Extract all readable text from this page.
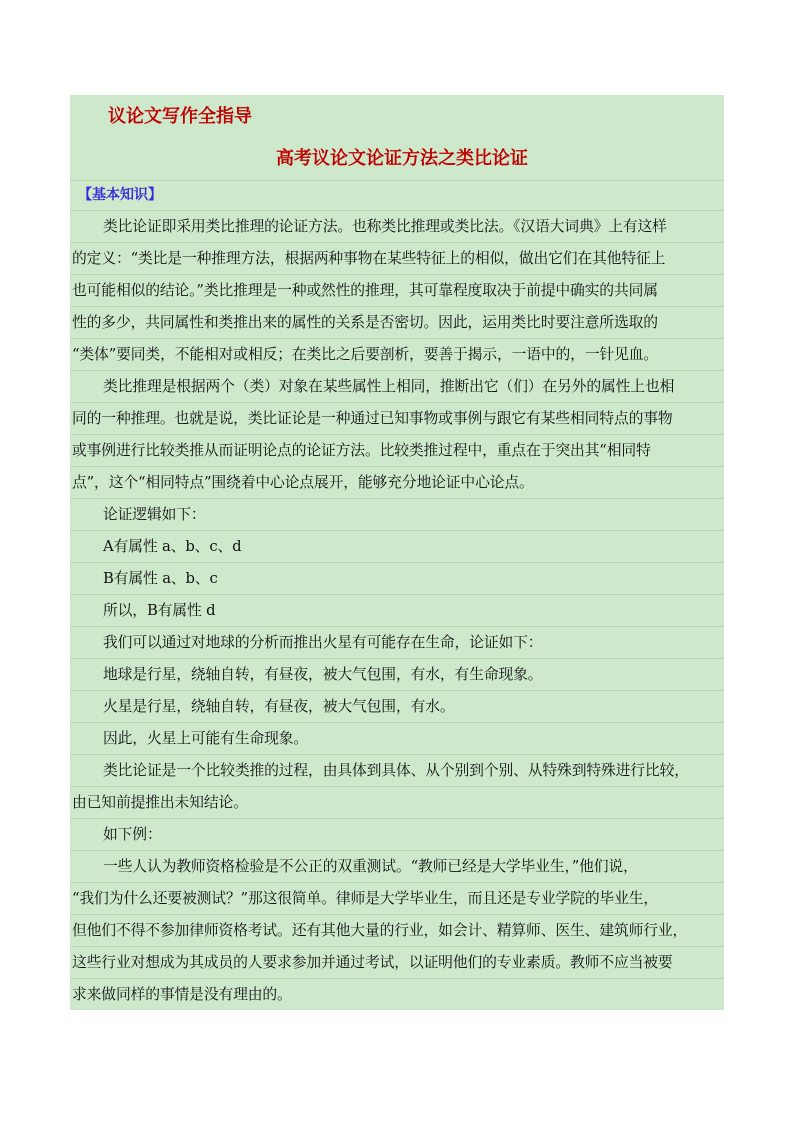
议论文写作全指导
高考议论文论证方法之类比论证
【基本知识】
类比论证即采用类比推理的论证方法。也称类比推理或类比法。《汉语大词典》上有这样
的定义：“类比是一种推理方法，根据两种事物在某些特征上的相似，做出它们在其他特征上
也可能相似的结论。”类比推理是一种或然性的推理，其可靠程度取决于前提中确实的共同属
性的多少，共同属性和类推出来的属性的关系是否密切。因此，运用类比时要注意所选取的
“类体”要同类，不能相对或相反；在类比之后要剖析，要善于揭示，一语中的，一针见血。
类比推理是根据两个（类）对象在某些属性上相同，推断出它（们）在另外的属性上也相
同的一种推理。也就是说，类比证论是一种通过已知事物或事例与跟它有某些相同特点的事物
或事例进行比较类推从而证明论点的论证方法。比较类推过程中，重点在于突出其“相同特
点”，这个“相同特点”围绕着中心论点展开，能够充分地论证中心论点。
论证逻辑如下：
A有属性 a、b、c、d
B有属性 a、b、c
所以，B有属性 d
我们可以通过对地球的分析而推出火星有可能存在生命，论证如下：
地球是行星，绕轴自转，有昼夜，被大气包围，有水，有生命现象。
火星是行星，绕轴自转，有昼夜，被大气包围，有水。
因此，火星上可能有生命现象。
类比论证是一个比较类推的过程，由具体到具体、从个别到个别、从特殊到特殊进行比较，
由已知前提推出未知结论。
如下例：
一些人认为教师资格检验是不公正的双重测试。“教师已经是大学毕业生，”他们说，
“我们为什么还要被测试？”那这很简单。律师是大学毕业生，而且还是专业学院的毕业生，
但他们不得不参加律师资格考试。还有其他大量的行业，如会计、精算师、医生、建筑师行业，
这些行业对想成为其成员的人要求参加并通过考试，以证明他们的专业素质。教师不应当被要
求来做同样的事情是没有理由的。
